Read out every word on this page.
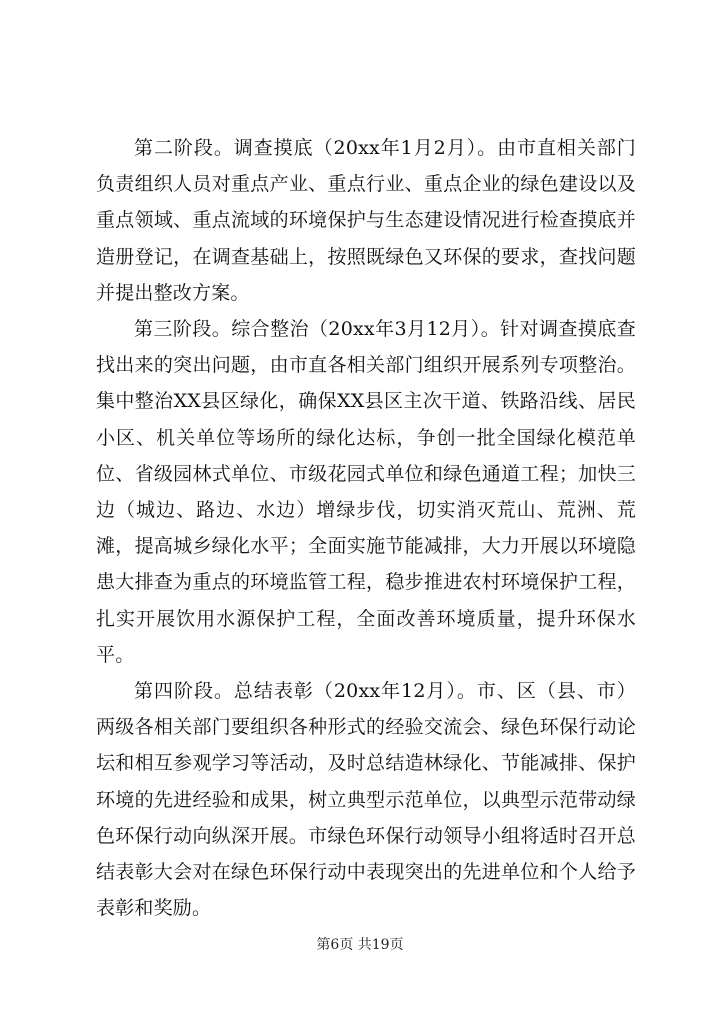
第二阶段。调查摸底（20xx年1月2月）。由市直相关部门负责组织人员对重点产业、重点行业、重点企业的绿色建设以及重点领域、重点流域的环境保护与生态建设情况进行检查摸底并造册登记，在调查基础上，按照既绿色又环保的要求，查找问题并提出整改方案。

第三阶段。综合整治（20xx年3月12月）。针对调查摸底查找出来的突出问题，由市直各相关部门组织开展系列专项整治。集中整治XX县区绿化，确保XX县区主次干道、铁路沿线、居民小区、机关单位等场所的绿化达标，争创一批全国绿化模范单位、省级园林式单位、市级花园式单位和绿色通道工程；加快三边（城边、路边、水边）增绿步伐，切实消灭荒山、荒洲、荒滩，提高城乡绿化水平；全面实施节能减排，大力开展以环境隐患大排查为重点的环境监管工程，稳步推进农村环境保护工程，扎实开展饮用水源保护工程，全面改善环境质量，提升环保水平。

第四阶段。总结表彰（20xx年12月）。市、区（县、市）两级各相关部门要组织各种形式的经验交流会、绿色环保行动论坛和相互参观学习等活动，及时总结造林绿化、节能减排、保护环境的先进经验和成果，树立典型示范单位，以典型示范带动绿色环保行动向纵深开展。市绿色环保行动领导小组将适时召开总结表彰大会对在绿色环保行动中表现突出的先进单位和个人给予表彰和奖励。

第6页 共19页
